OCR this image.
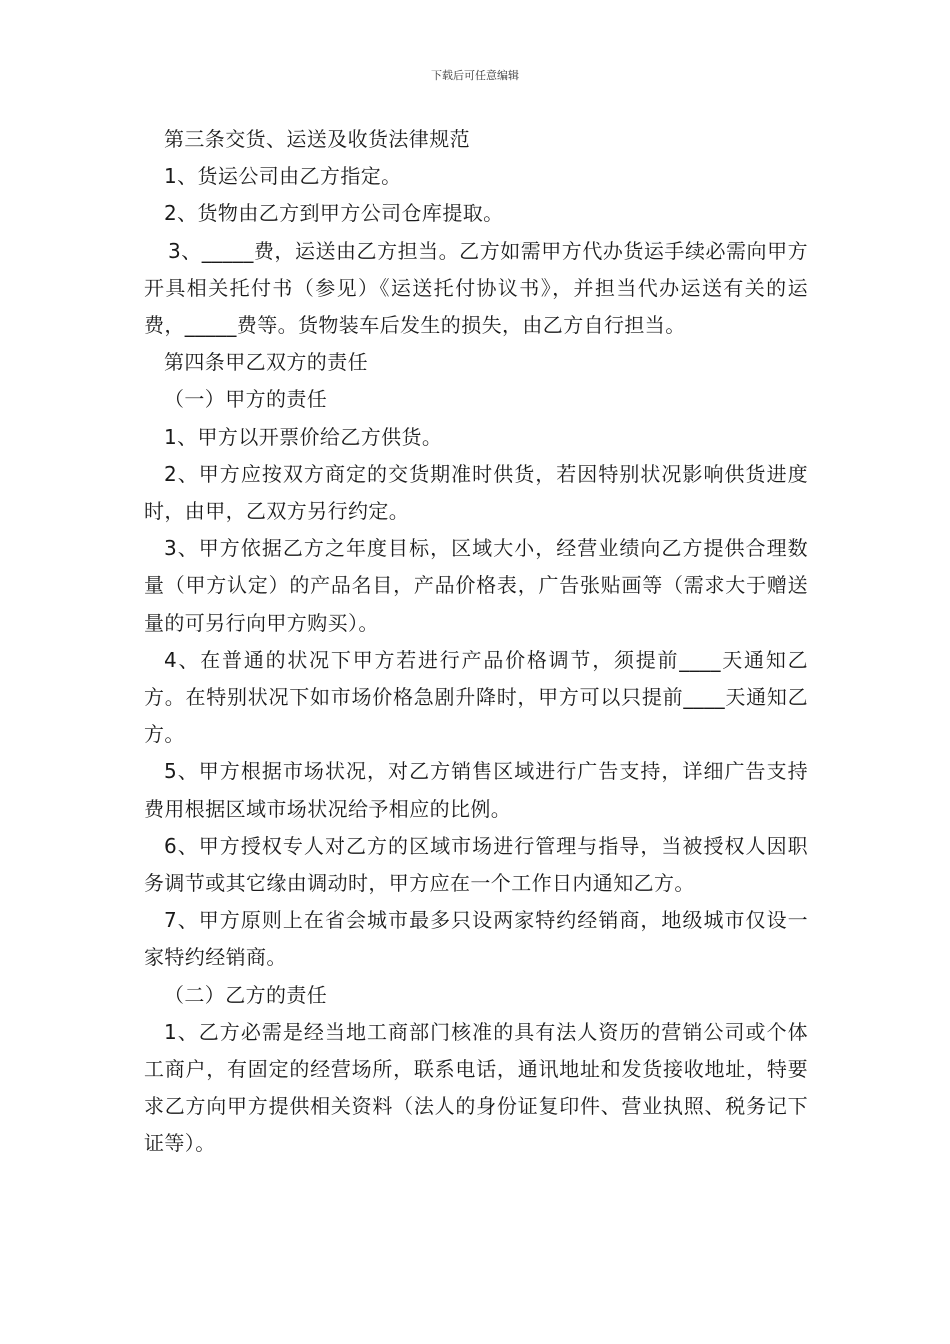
下载后可任意编辑

第三条交货、运送及收货法律规范

1、货运公司由乙方指定。

2、货物由乙方到甲方公司仓库提取。

3、_____费，运送由乙方担当。乙方如需甲方代办货运手续必需向甲方开具相关托付书（参见）《运送托付协议书》，并担当代办运送有关的运费，_____费等。货物装车后发生的损失，由乙方自行担当。

第四条甲乙双方的责任

（一）甲方的责任

1、甲方以开票价给乙方供货。

2、甲方应按双方商定的交货期准时供货，若因特别状况影响供货进度时，由甲，乙双方另行约定。

3、甲方依据乙方之年度目标，区域大小，经营业绩向乙方提供合理数量（甲方认定）的产品名目，产品价格表，广告张贴画等（需求大于赠送量的可另行向甲方购买）。

4、在普通的状况下甲方若进行产品价格调节，须提前____天通知乙方。在特别状况下如市场价格急剧升降时，甲方可以只提前____天通知乙方。

5、甲方根据市场状况，对乙方销售区域进行广告支持，详细广告支持费用根据区域市场状况给予相应的比例。

6、甲方授权专人对乙方的区域市场进行管理与指导，当被授权人因职务调节或其它缘由调动时，甲方应在一个工作日内通知乙方。

7、甲方原则上在省会城市最多只设两家特约经销商，地级城市仅设一家特约经销商。

（二）乙方的责任

1、乙方必需是经当地工商部门核准的具有法人资历的营销公司或个体工商户，有固定的经营场所，联系电话，通讯地址和发货接收地址，特要求乙方向甲方提供相关资料（法人的身份证复印件、营业执照、税务记下证等）。
